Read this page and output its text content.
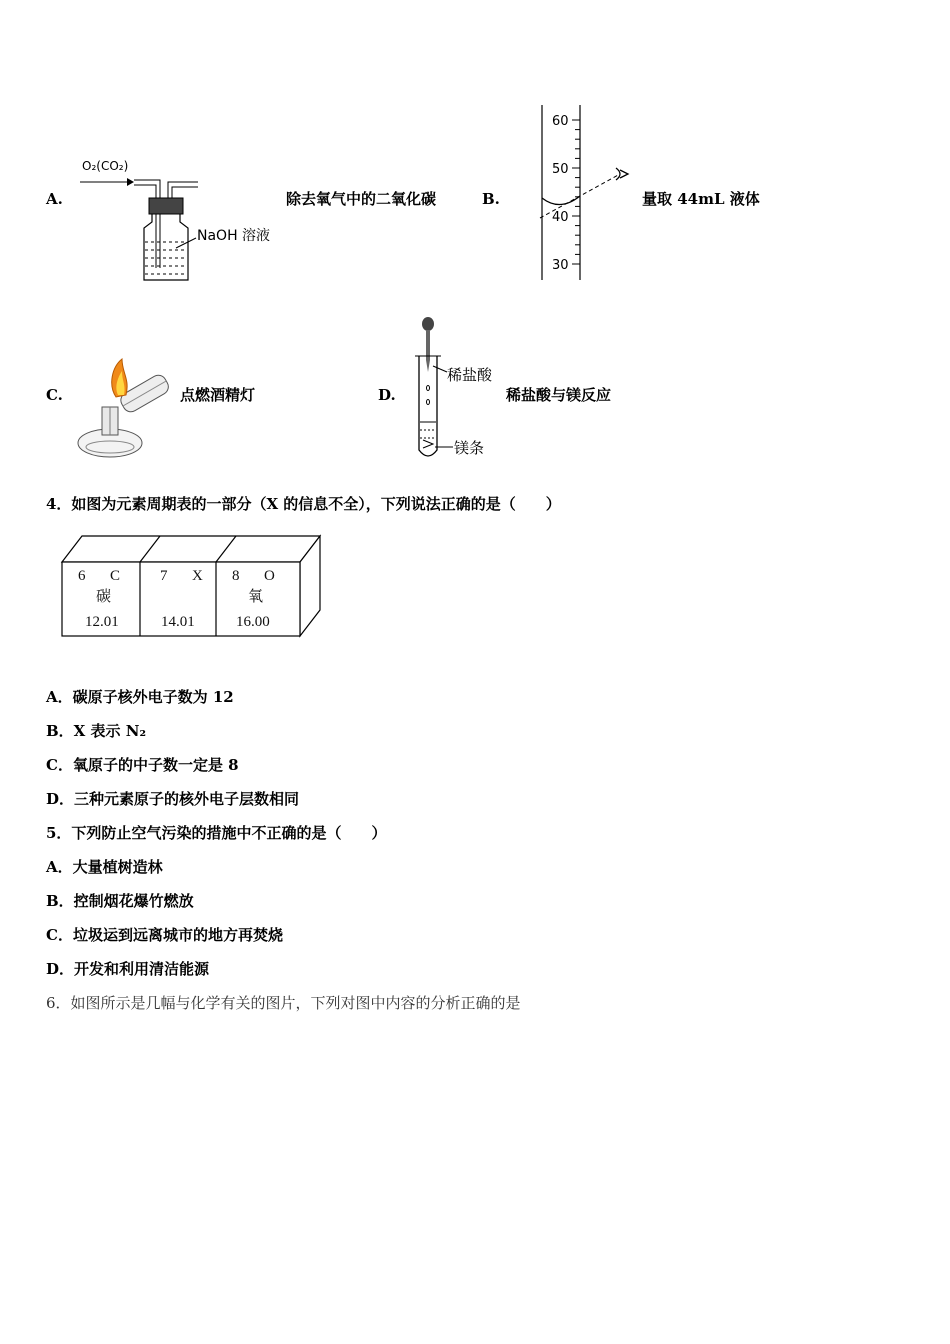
A.
O₂(CO₂)
NaOH 溶液
除去氧气中的二氧化碳	B.
60
50
40
30
量取 44mL 液体
C.	点燃酒精灯	D.
稀盐酸
镁条
稀盐酸与镁反应
4．如图为元素周期表的一部分（X 的信息不全），下列说法正确的是（　　）
6 C
碳
12.01
7 X
14.01
8 O
氧
16.00
A．碳原子核外电子数为 12
B．X 表示 N₂
C．氧原子的中子数一定是 8
D．三种元素原子的核外电子层数相同
5．下列防止空气污染的措施中不正确的是（　　）
A．大量植树造林
B．控制烟花爆竹燃放
C．垃圾运到远离城市的地方再焚烧
D．开发和利用清洁能源
6．如图所示是几幅与化学有关的图片，下列对图中内容的分析正确的是
